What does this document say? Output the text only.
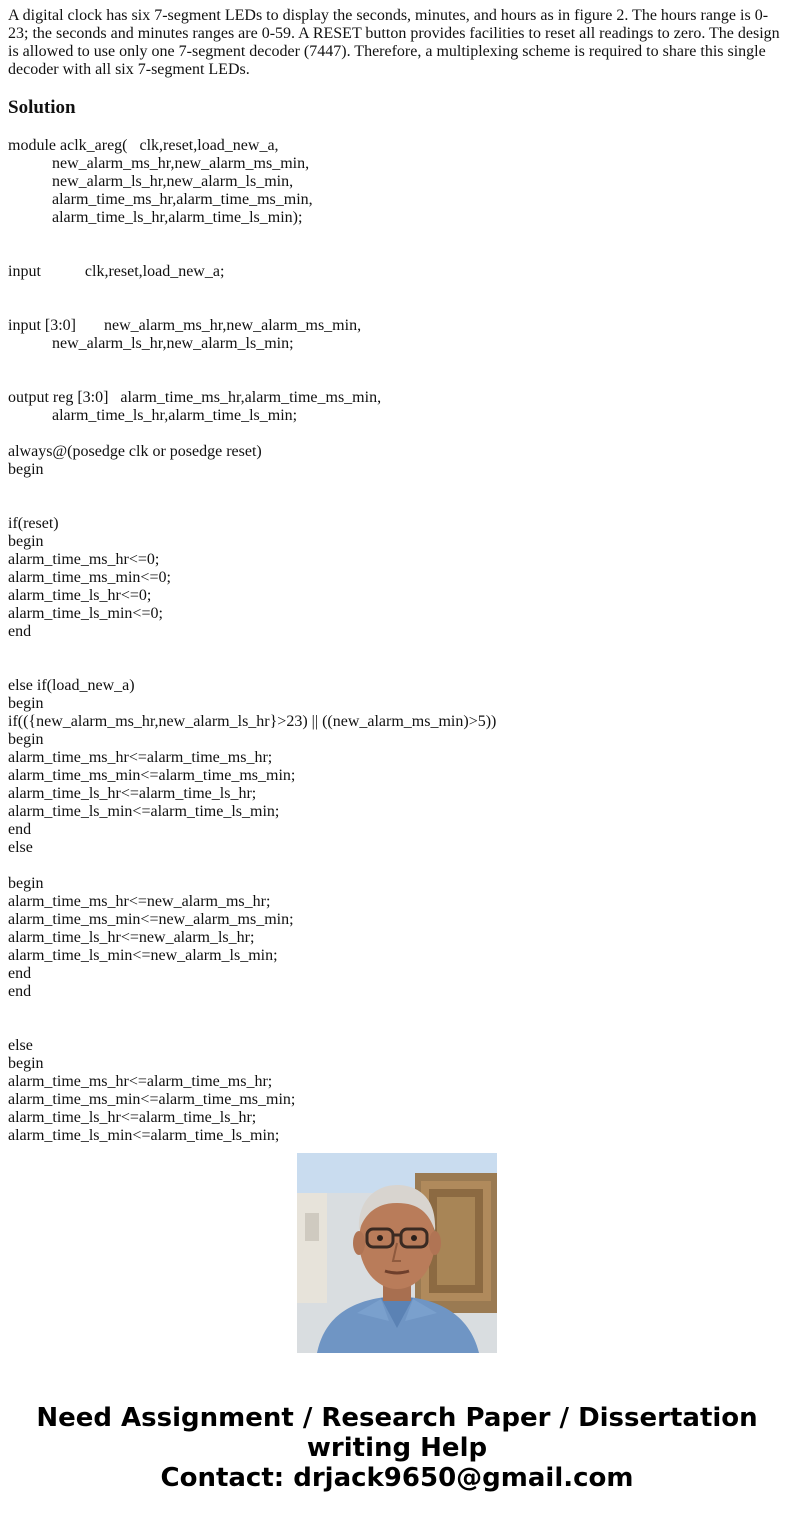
A digital clock has six 7-segment LEDs to display the seconds, minutes, and hours as in figure 2. The hours range is 0-23; the seconds and minutes ranges are 0-59. A RESET button provides facilities to reset all readings to zero. The design is allowed to use only one 7-segment decoder (7447). Therefore, a multiplexing scheme is required to share this single decoder with all six 7-segment LEDs.

Solution
module aclk_areg(   clk,reset,load_new_a,
	new_alarm_ms_hr,new_alarm_ms_min,
	new_alarm_ls_hr,new_alarm_ls_min,
	alarm_time_ms_hr,alarm_time_ms_min,
	alarm_time_ls_hr,alarm_time_ls_min);
input           clk,reset,load_new_a;
input [3:0]       new_alarm_ms_hr,new_alarm_ms_min,
	new_alarm_ls_hr,new_alarm_ls_min;
output reg [3:0]   alarm_time_ms_hr,alarm_time_ms_min,
	alarm_time_ls_hr,alarm_time_ls_min;
always@(posedge clk or posedge reset)
begin
if(reset)
begin
alarm_time_ms_hr<=0;
alarm_time_ms_min<=0;
alarm_time_ls_hr<=0;
alarm_time_ls_min<=0;
end
else if(load_new_a)
begin
if(({new_alarm_ms_hr,new_alarm_ls_hr}>23) || ((new_alarm_ms_min)>5))
begin
alarm_time_ms_hr<=alarm_time_ms_hr;
alarm_time_ms_min<=alarm_time_ms_min;
alarm_time_ls_hr<=alarm_time_ls_hr;
alarm_time_ls_min<=alarm_time_ls_min;
end
else
begin
alarm_time_ms_hr<=new_alarm_ms_hr;
alarm_time_ms_min<=new_alarm_ms_min;
alarm_time_ls_hr<=new_alarm_ls_hr;
alarm_time_ls_min<=new_alarm_ls_min;
end
end
else
begin
alarm_time_ms_hr<=alarm_time_ms_hr;
alarm_time_ms_min<=alarm_time_ms_min;
alarm_time_ls_hr<=alarm_time_ls_hr;
alarm_time_ls_min<=alarm_time_ls_min;
Need Assignment / Research Paper / Dissertation
writing Help
Contact: drjack9650@gmail.com
